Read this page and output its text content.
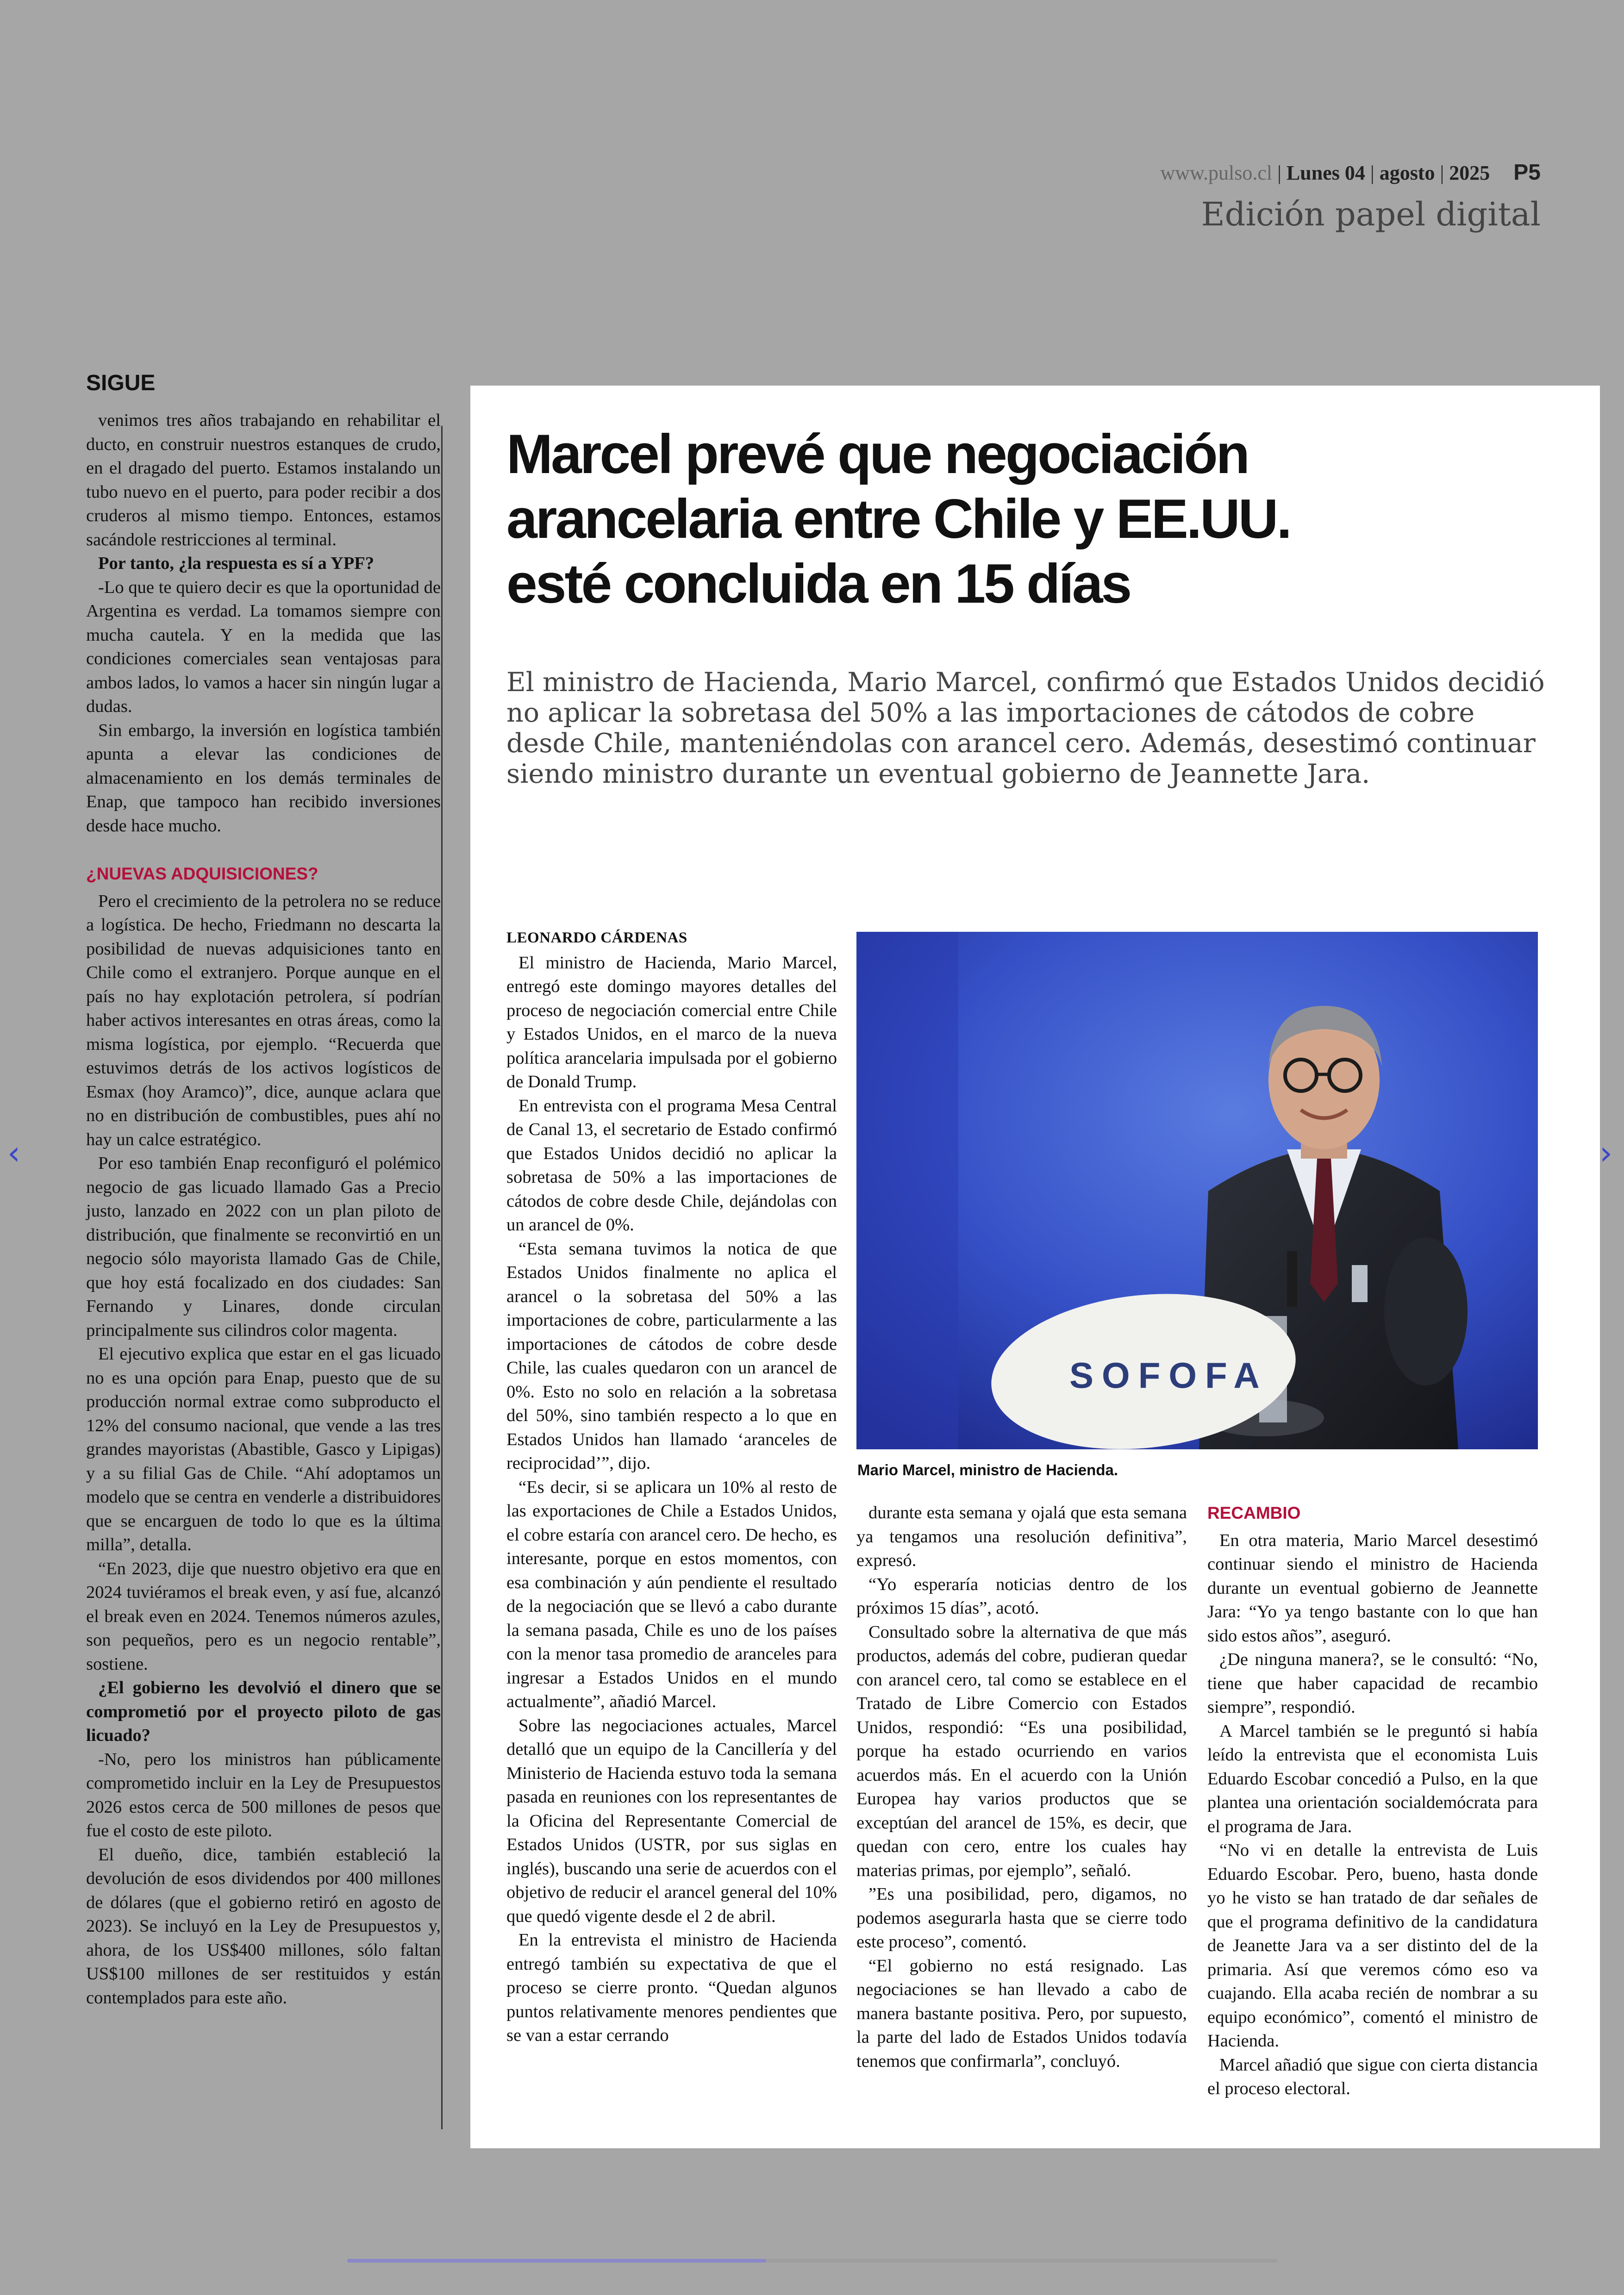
www.pulso.cl | Lunes 04 | agosto | 2025 P5
Edición papel digital
SIGUE

venimos tres años trabajando en rehabilitar el ducto, en construir nuestros estanques de crudo, en el dragado del puerto. Estamos instalando un tubo nuevo en el puerto, para poder recibir a dos cruderos al mismo tiempo. Entonces, estamos sacándole restricciones al terminal.

Por tanto, ¿la respuesta es sí a YPF?

-Lo que te quiero decir es que la oportunidad de Argentina es verdad. La tomamos siempre con mucha cautela. Y en la medida que las condiciones comerciales sean ventajosas para ambos lados, lo vamos a hacer sin ningún lugar a dudas.

Sin embargo, la inversión en logística también apunta a elevar las condiciones de almacenamiento en los demás terminales de Enap, que tampoco han recibido inversiones desde hace mucho.

¿NUEVAS ADQUISICIONES?

Pero el crecimiento de la petrolera no se reduce a logística. De hecho, Friedmann no descarta la posibilidad de nuevas adquisiciones tanto en Chile como el extranjero. Porque aunque en el país no hay explotación petrolera, sí podrían haber activos interesantes en otras áreas, como la misma logística, por ejemplo. “Recuerda que estuvimos detrás de los activos logísticos de Esmax (hoy Aramco)”, dice, aunque aclara que no en distribución de combustibles, pues ahí no hay un calce estratégico.

Por eso también Enap reconfiguró el polémico negocio de gas licuado llamado Gas a Precio justo, lanzado en 2022 con un plan piloto de distribución, que finalmente se reconvirtió en un negocio sólo mayorista llamado Gas de Chile, que hoy está focalizado en dos ciudades: San Fernando y Linares, donde circulan principalmente sus cilindros color magenta.

El ejecutivo explica que estar en el gas licuado no es una opción para Enap, puesto que de su producción normal extrae como subproducto el 12% del consumo nacional, que vende a las tres grandes mayoristas (Abastible, Gasco y Lipigas) y a su filial Gas de Chile. “Ahí adoptamos un modelo que se centra en venderle a distribuidores que se encarguen de todo lo que es la última milla”, detalla.

“En 2023, dije que nuestro objetivo era que en 2024 tuviéramos el break even, y así fue, alcanzó el break even en 2024. Tenemos números azules, son pequeños, pero es un negocio rentable”, sostiene.

¿El gobierno les devolvió el dinero que se comprometió por el proyecto piloto de gas licuado?

-No, pero los ministros han públicamente comprometido incluir en la Ley de Presupuestos 2026 estos cerca de 500 millones de pesos que fue el costo de este piloto.

El dueño, dice, también estableció la devolución de esos dividendos por 400 millones de dólares (que el gobierno retiró en agosto de 2023). Se incluyó en la Ley de Presupuestos y, ahora, de los US$400 millones, sólo faltan US$100 millones de ser restituidos y están contemplados para este año.

Marcel prevé que negociación
arancelaria entre Chile y EE.UU.
esté concluida en 15 días
El ministro de Hacienda, Mario Marcel, confirmó que Estados Unidos decidió no aplicar la sobretasa del 50% a las importaciones de cátodos de cobre desde Chile, manteniéndolas con arancel cero. Además, desestimó continuar siendo ministro durante un eventual gobierno de Jeannette Jara.
LEONARDO CÁRDENAS

El ministro de Hacienda, Mario Marcel, entregó este domingo mayores detalles del proceso de negociación comercial entre Chile y Estados Unidos, en el marco de la nueva política arancelaria impulsada por el gobierno de Donald Trump.

En entrevista con el programa Mesa Central de Canal 13, el secretario de Estado confirmó que Estados Unidos decidió no aplicar la sobretasa de 50% a las importaciones de cátodos de cobre desde Chile, dejándolas con un arancel de 0%.

“Esta semana tuvimos la notica de que Estados Unidos finalmente no aplica el arancel o la sobretasa del 50% a las importaciones de cobre, particularmente a las importaciones de cátodos de cobre desde Chile, las cuales quedaron con un arancel de 0%. Esto no solo en relación a la sobretasa del 50%, sino también respecto a lo que en Estados Unidos han llamado ‘aranceles de reciprocidad’”, dijo.

“Es decir, si se aplicara un 10% al resto de las exportaciones de Chile a Estados Unidos, el cobre estaría con arancel cero. De hecho, es interesante, porque en estos momentos, con esa combinación y aún pendiente el resultado de la negociación que se llevó a cabo durante la semana pasada, Chile es uno de los países con la menor tasa promedio de aranceles para ingresar a Estados Unidos en el mundo actualmente”, añadió Marcel.

Sobre las negociaciones actuales, Marcel detalló que un equipo de la Cancillería y del Ministerio de Hacienda estuvo toda la semana pasada en reuniones con los representantes de la Oficina del Representante Comercial de Estados Unidos (USTR, por sus siglas en inglés), buscando una serie de acuerdos con el objetivo de reducir el arancel general del 10% que quedó vigente desde el 2 de abril.

En la entrevista el ministro de Hacienda entregó también su expectativa de que el proceso se cierre pronto. “Quedan algunos puntos relativamente menores pendientes que se van a estar cerrando

SOFOFA
Mario Marcel, ministro de Hacienda.

durante esta semana y ojalá que esta semana ya tengamos una resolución definitiva”, expresó.

“Yo esperaría noticias dentro de los próximos 15 días”, acotó.

Consultado sobre la alternativa de que más productos, además del cobre, pudieran quedar con arancel cero, tal como se establece en el Tratado de Libre Comercio con Estados Unidos, respondió: “Es una posibilidad, porque ha estado ocurriendo en varios acuerdos más. En el acuerdo con la Unión Europea hay varios productos que se exceptúan del arancel de 15%, es decir, que quedan con cero, entre los cuales hay materias primas, por ejemplo”, señaló.

”Es una posibilidad, pero, digamos, no podemos asegurarla hasta que se cierre todo este proceso”, comentó.

“El gobierno no está resignado. Las negociaciones se han llevado a cabo de manera bastante positiva. Pero, por supuesto, la parte del lado de Estados Unidos todavía tenemos que confirmarla”, concluyó.

RECAMBIO

En otra materia, Mario Marcel desestimó continuar siendo el ministro de Hacienda durante un eventual gobierno de Jeannette Jara: “Yo ya tengo bastante con lo que han sido estos años”, aseguró.

¿De ninguna manera?, se le consultó: “No, tiene que haber capacidad de recambio siempre”, respondió.

A Marcel también se le preguntó si había leído la entrevista que el economista Luis Eduardo Escobar concedió a Pulso, en la que plantea una orientación socialdemócrata para el programa de Jara.

“No vi en detalle la entrevista de Luis Eduardo Escobar. Pero, bueno, hasta donde yo he visto se han tratado de dar señales de que el programa definitivo de la candidatura de Jeanette Jara va a ser distinto del de la primaria. Así que veremos cómo eso va cuajando. Ella acaba recién de nombrar a su equipo económico”, comentó el ministro de Hacienda.

Marcel añadió que sigue con cierta distancia el proceso electoral.

‹	›
